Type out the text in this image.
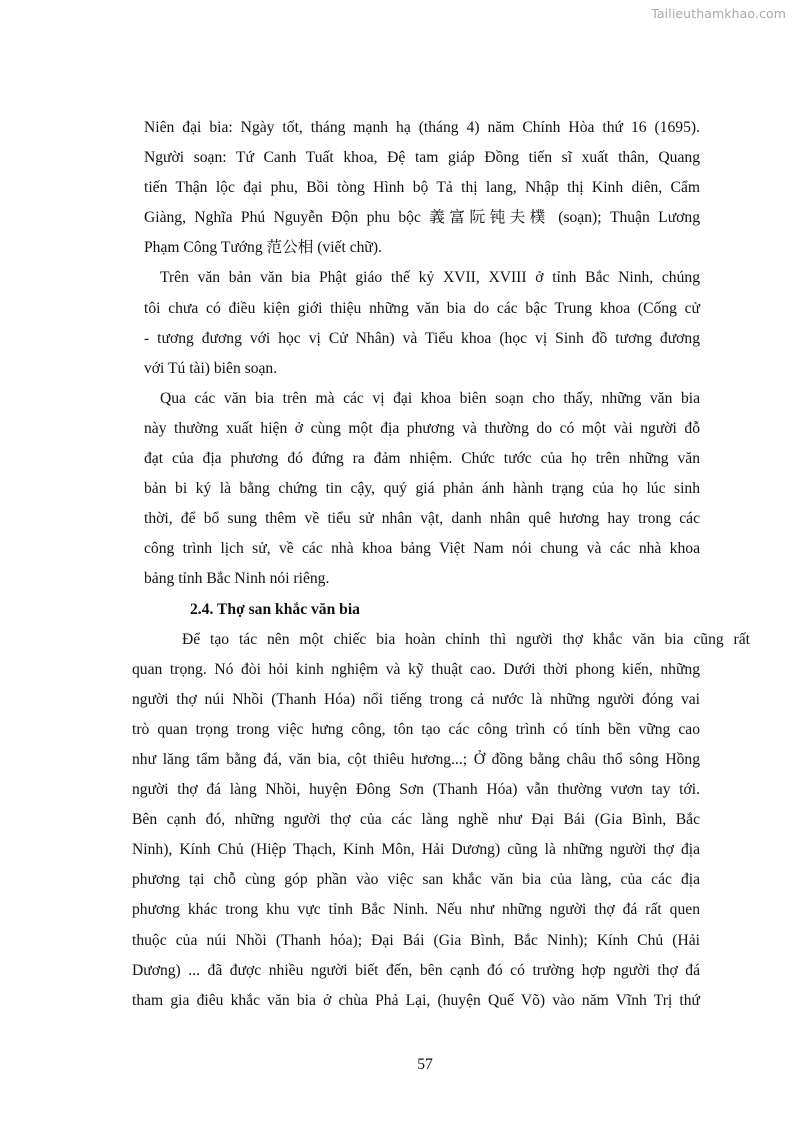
Tailieuthamkhao.com
Niên đại bia: Ngày tốt, tháng mạnh hạ (tháng 4) năm Chính Hòa thứ 16 (1695).
Người soạn: Tứ Canh Tuất khoa, Đệ tam giáp Đồng tiến sĩ xuất thân, Quang
tiến Thận lộc đại phu, Bồi tòng Hình bộ Tả thị lang, Nhập thị Kinh diên, Cẩm
Giàng, Nghĩa Phú Nguyễn Độn phu bộc 義富阮钝夫樸 (soạn); Thuận Lương
Phạm Công Tướng 范公相 (viết chữ).
Trên văn bản văn bia Phật giáo thế kỷ XVII, XVIII ở tỉnh Bắc Ninh, chúng
tôi chưa có điều kiện giới thiệu những văn bia do các bậc Trung khoa (Cống cử
- tương đương với học vị Cử Nhân) và Tiểu khoa (học vị Sinh đồ tương đương
với Tú tài) biên soạn.
Qua các văn bia trên mà các vị đại khoa biên soạn cho thấy, những văn bia
này thường xuất hiện ở cùng một địa phương và thường do có một vài người đỗ
đạt của địa phương đó đứng ra đảm nhiệm. Chức tước của họ trên những văn
bản bi ký là bằng chứng tin cậy, quý giá phản ánh hành trạng của họ lúc sinh
thời, để bổ sung thêm về tiểu sử nhân vật, danh nhân quê hương hay trong các
công trình lịch sử, về các nhà khoa bảng Việt Nam nói chung và các nhà khoa
bảng tỉnh Bắc Ninh nói riêng.
2.4. Thợ san khắc văn bia
Để tạo tác nên một chiếc bia hoàn chỉnh thì người thợ khắc văn bia cũng rất
quan trọng. Nó đòi hỏi kinh nghiệm và kỹ thuật cao. Dưới thời phong kiến, những
người thợ núi Nhồi (Thanh Hóa) nổi tiếng trong cả nước là những người đóng vai
trò quan trọng trong việc hưng công, tôn tạo các công trình có tính bền vững cao
như lăng tẩm bằng đá, văn bia, cột thiêu hương...; Ở đồng bằng châu thổ sông Hồng
người thợ đá làng Nhồi, huyện Đông Sơn (Thanh Hóa) vẫn thường vươn tay tới.
Bên cạnh đó, những người thợ của các làng nghề như Đại Bái (Gia Bình, Bắc
Ninh), Kính Chủ (Hiệp Thạch, Kinh Môn, Hải Dương) cũng là những người thợ địa
phương tại chỗ cùng góp phần vào việc san khắc văn bia của làng, của các địa
phương khác trong khu vực tỉnh Bắc Ninh. Nếu như những người thợ đá rất quen
thuộc của núi Nhồi (Thanh hóa); Đại Bái (Gia Bình, Bắc Ninh); Kính Chủ (Hải
Dương) ... đã được nhiều người biết đến, bên cạnh đó có trường hợp người thợ đá
tham gia điêu khắc văn bia ở chùa Phả Lại, (huyện Quế Võ) vào năm Vĩnh Trị thứ
57
